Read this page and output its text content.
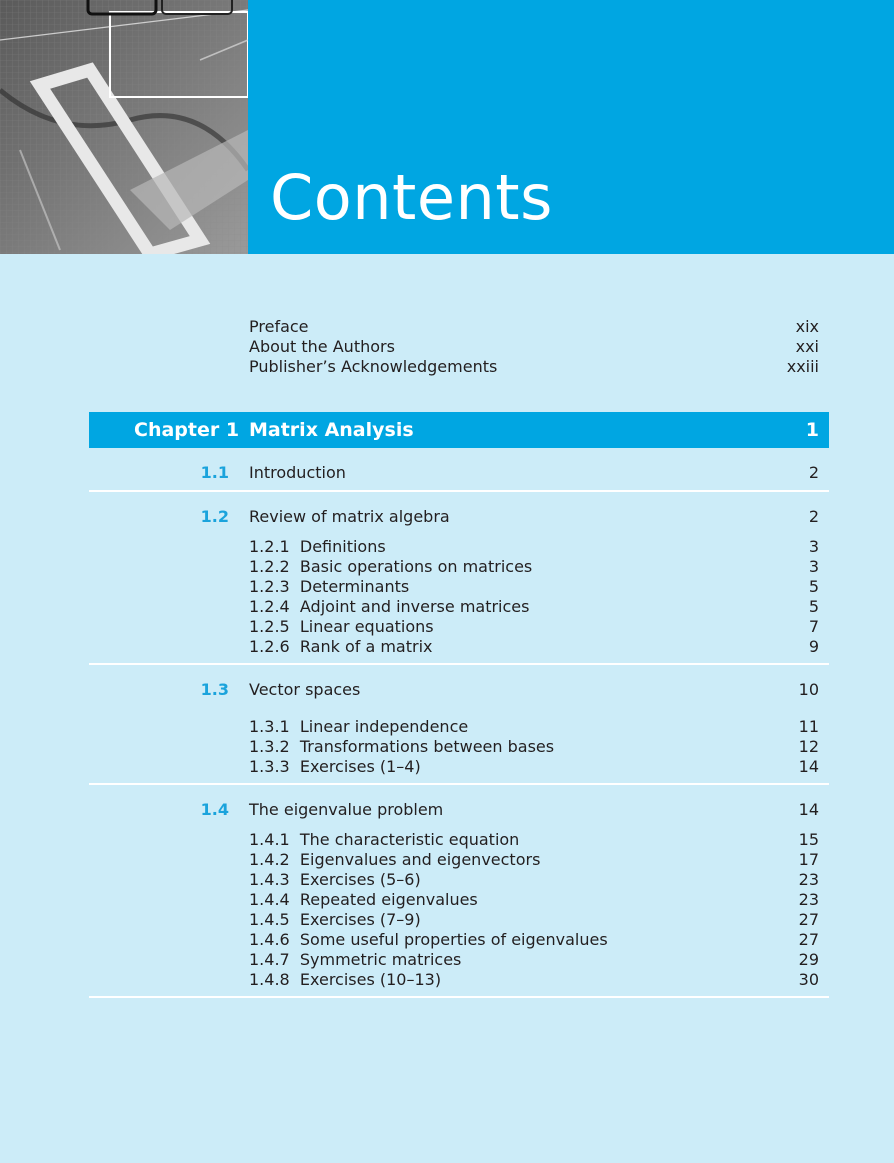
Contents
Preface	xix
About the Authors	xxi
Publisher’s Acknowledgements	xxiii
Chapter 1 Matrix Analysis	1
1.1 Introduction	2
1.2 Review of matrix algebra	2
1.2.1  Definitions	3
1.2.2  Basic operations on matrices	3
1.2.3  Determinants	5
1.2.4  Adjoint and inverse matrices	5
1.2.5  Linear equations	7
1.2.6  Rank of a matrix	9
1.3 Vector spaces	10
1.3.1  Linear independence	11
1.3.2  Transformations between bases	12
1.3.3  Exercises (1–4)	14
1.4 The eigenvalue problem	14
1.4.1  The characteristic equation	15
1.4.2  Eigenvalues and eigenvectors	17
1.4.3  Exercises (5–6)	23
1.4.4  Repeated eigenvalues	23
1.4.5  Exercises (7–9)	27
1.4.6  Some useful properties of eigenvalues	27
1.4.7  Symmetric matrices	29
1.4.8  Exercises (10–13)	30
